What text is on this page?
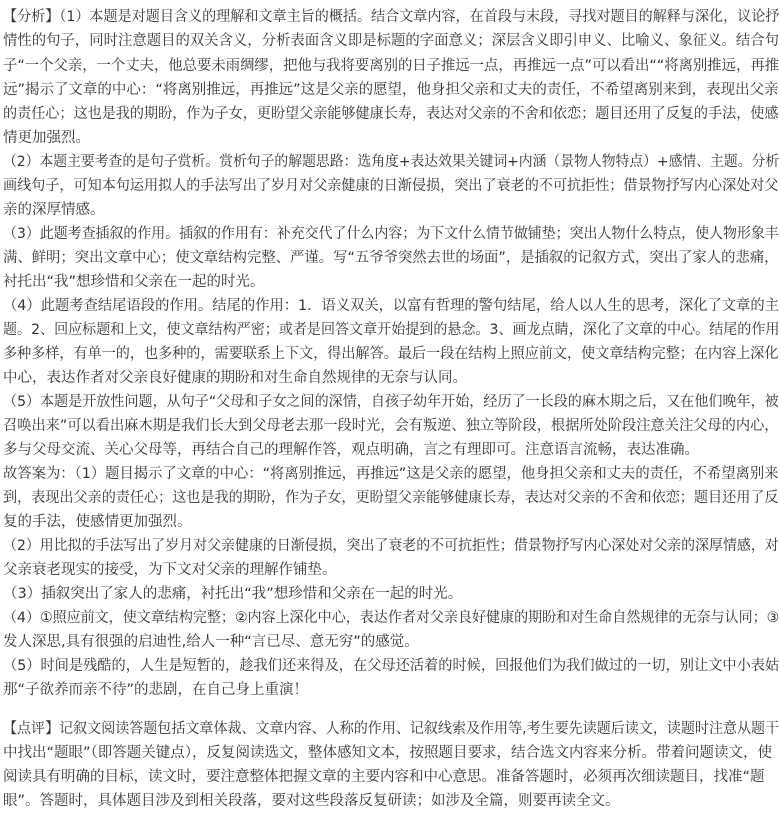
【分析】（1）本题是对题目含义的理解和文章主旨的概括。结合文章内容，在首段与末段，寻找对题目的解释与深化，议论抒
情性的句子，同时注意题目的双关含义，分析表面含义即是标题的字面意义；深层含义即引申义、比喻义、象征义。结合句
子“一个父亲，一个丈夫，他总要未雨绸缪，把他与我将要离别的日子推远一点，再推远一点”可以看出““将离别推远，再推
远”揭示了文章的中心：“将离别推远，再推远”这是父亲的愿望，他身担父亲和丈夫的责任，不希望离别来到，表现出父亲
的责任心；这也是我的期盼，作为子女，更盼望父亲能够健康长寿，表达对父亲的不舍和依恋；题目还用了反复的手法，使感
情更加强烈。
（2）本题主要考查的是句子赏析。赏析句子的解题思路：选角度+表达效果关键词+内涵（景物人物特点）+感情、主题。分析
画线句子，可知本句运用拟人的手法写出了岁月对父亲健康的日渐侵损，突出了衰老的不可抗拒性；借景物抒写内心深处对父
亲的深厚情感。
（3）此题考查插叙的作用。插叙的作用有：补充交代了什么内容；为下文什么情节做铺垫；突出人物什么特点，使人物形象丰
满、鲜明；突出文章中心；使文章结构完整、严谨。写“五爷爷突然去世的场面”，是插叙的记叙方式，突出了家人的悲痛，
衬托出“我”想珍惜和父亲在一起的时光。
（4）此题考查结尾语段的作用。结尾的作用：1．语义双关，以富有哲理的警句结尾，给人以人生的思考，深化了文章的主
题。2、回应标题和上文，使文章结构严密；或者是回答文章开始提到的悬念。3、画龙点睛，深化了文章的中心。结尾的作用
多种多样，有单一的，也多种的，需要联系上下文，得出解答。最后一段在结构上照应前文，使文章结构完整；在内容上深化
中心，表达作者对父亲良好健康的期盼和对生命自然规律的无奈与认同。
（5）本题是开放性问题，从句子“父母和子女之间的深情，自孩子幼年开始，经历了一长段的麻木期之后，又在他们晚年，被
召唤出来”可以看出麻木期是我们长大到父母老去那一段时光，会有叛逆、独立等阶段，根据所处阶段注意关注父母的内心，
多与父母交流、关心父母等，再结合自己的理解作答，观点明确，言之有理即可。注意语言流畅，表达准确。
故答案为：（1）题目揭示了文章的中心：“将离别推远，再推远”这是父亲的愿望，他身担父亲和丈夫的责任，不希望离别来
到，表现出父亲的责任心；这也是我的期盼，作为子女，更盼望父亲能够健康长寿，表达对父亲的不舍和依恋；题目还用了反
复的手法，使感情更加强烈。
（2）用比拟的手法写出了岁月对父亲健康的日渐侵损，突出了衰老的不可抗拒性；借景物抒写内心深处对父亲的深厚情感，对
父亲衰老现实的接受，为下文对父亲的理解作铺垫。
（3）插叙突出了家人的悲痛，衬托出“我”想珍惜和父亲在一起的时光。
（4）①照应前文，使文章结构完整；②内容上深化中心，表达作者对父亲良好健康的期盼和对生命自然规律的无奈与认同；③
发人深思,具有很强的启迪性,给人一种“言已尽、意无穷”的感觉。
（5）时间是残酷的，人生是短暂的，趁我们还来得及，在父母还活着的时候，回报他们为我们做过的一切，别让文中小表姑
那“子欲养而亲不待”的悲剧，在自己身上重演！
【点评】记叙文阅读答题包括文章体裁、文章内容、人称的作用、记叙线索及作用等,考生要先读题后读文，读题时注意从题干
中找出“题眼”（即答题关键点），反复阅读选文，整体感知文本，按照题目要求，结合选文内容来分析。带着问题读文，使
阅读具有明确的目标，读文时，要注意整体把握文章的主要内容和中心意思。准备答题时，必须再次细读题目，找准“题
眼”。答题时，具体题目涉及到相关段落，要对这些段落反复研读；如涉及全篇，则要再读全文。
